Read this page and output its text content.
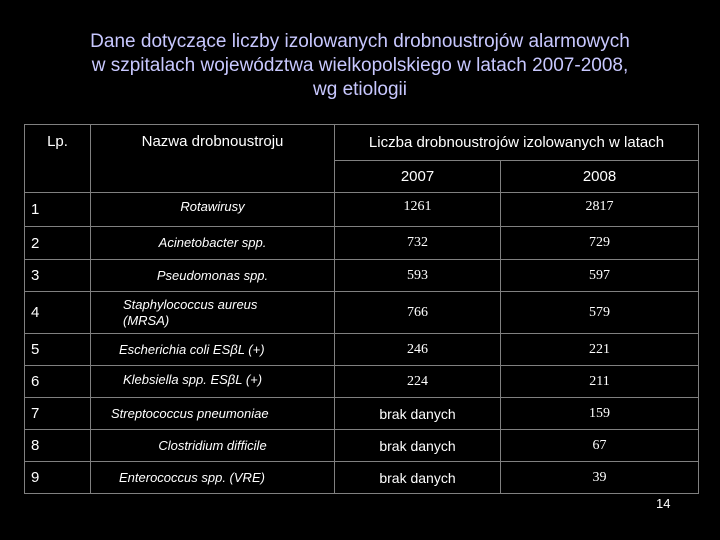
Dane dotyczące liczby izolowanych drobnoustrojów alarmowych
w szpitalach województwa wielkopolskiego w latach 2007-2008,
wg etiologii
Lp.	Nazwa drobnoustroju	Liczba drobnoustrojów izolowanych w latach	
		2007	2008
1	Rotawirusy	1261	2817
2	Acinetobacter spp.	732	729
3	Pseudomonas spp.	593	597
4	Staphylococcus aureus (MRSA)	766	579
5	Escherichia coli ESβL (+)	246	221
6	Klebsiella spp. ESβL (+)	224	211
7	Streptococcus pneumoniae	brak danych	159
8	Clostridium difficile	brak danych	67
9	Enterococcus spp. (VRE)	brak danych	39
14
